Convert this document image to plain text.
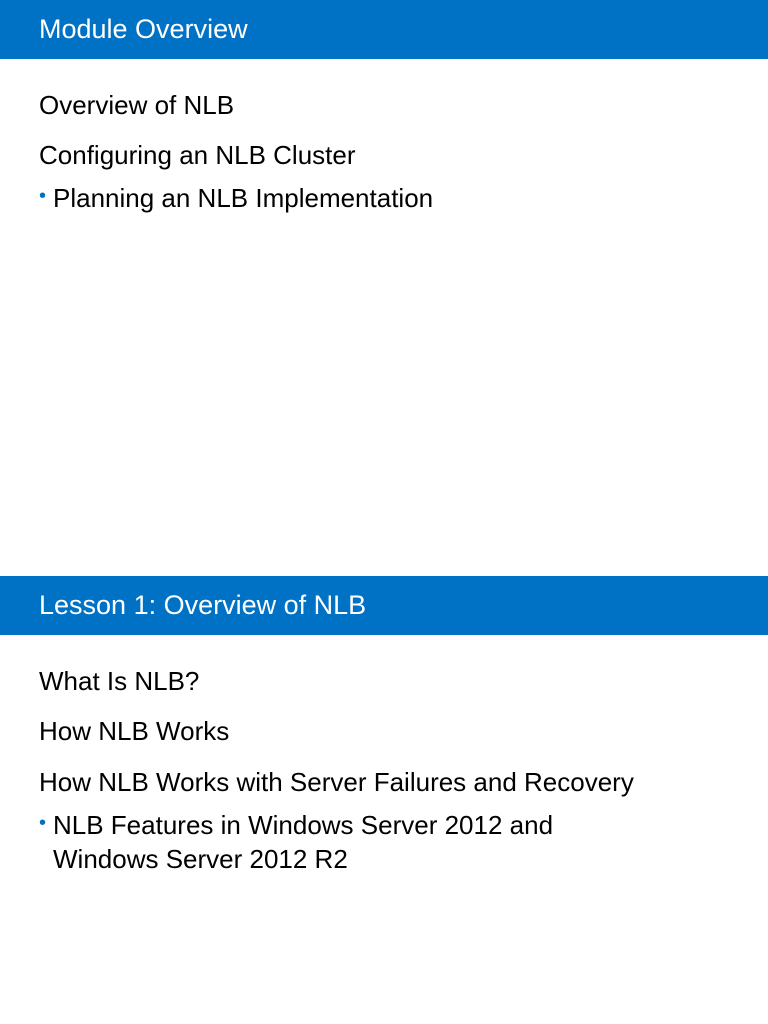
Module Overview
Overview of NLB
Configuring an NLB Cluster
• Planning an NLB Implementation
Lesson 1: Overview of NLB
What Is NLB?
How NLB Works
How NLB Works with Server Failures and Recovery
• NLB Features in Windows Server 2012 and
Windows Server 2012 R2
